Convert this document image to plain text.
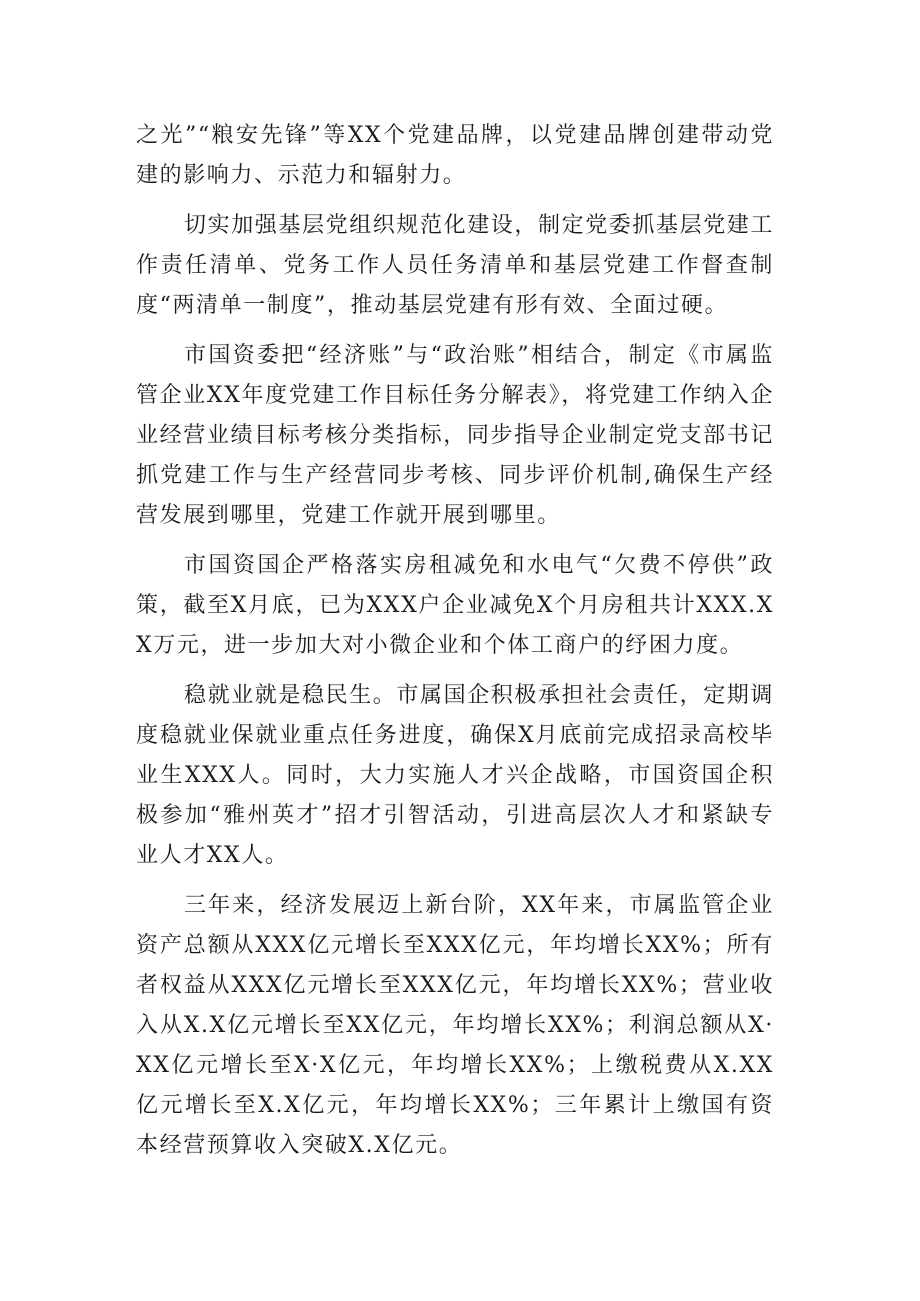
之光”“粮安先锋”等XX个党建品牌，以党建品牌创建带动党建的影响力、示范力和辐射力。

切实加强基层党组织规范化建设，制定党委抓基层党建工作责任清单、党务工作人员任务清单和基层党建工作督查制度“两清单一制度”，推动基层党建有形有效、全面过硬。

市国资委把“经济账”与“政治账”相结合，制定《市属监管企业XX年度党建工作目标任务分解表》，将党建工作纳入企业经营业绩目标考核分类指标，同步指导企业制定党支部书记抓党建工作与生产经营同步考核、同步评价机制,确保生产经营发展到哪里，党建工作就开展到哪里。

市国资国企严格落实房租减免和水电气“欠费不停供”政策，截至X月底，已为XXX户企业减免X个月房租共计XXX.XX万元，进一步加大对小微企业和个体工商户的纾困力度。

稳就业就是稳民生。市属国企积极承担社会责任，定期调度稳就业保就业重点任务进度，确保X月底前完成招录高校毕业生XXX人。同时，大力实施人才兴企战略，市国资国企积极参加“雅州英才”招才引智活动，引进高层次人才和紧缺专业人才XX人。

三年来，经济发展迈上新台阶，XX年来，市属监管企业资产总额从XXX亿元增长至XXX亿元，年均增长XX%；所有者权益从XXX亿元增长至XXX亿元，年均增长XX%；营业收入从X.X亿元增长至XX亿元，年均增长XX%；利润总额从X·XX亿元增长至X·X亿元，年均增长XX%；上缴税费从X.XX亿元增长至X.X亿元，年均增长XX%；三年累计上缴国有资本经营预算收入突破X.X亿元。
